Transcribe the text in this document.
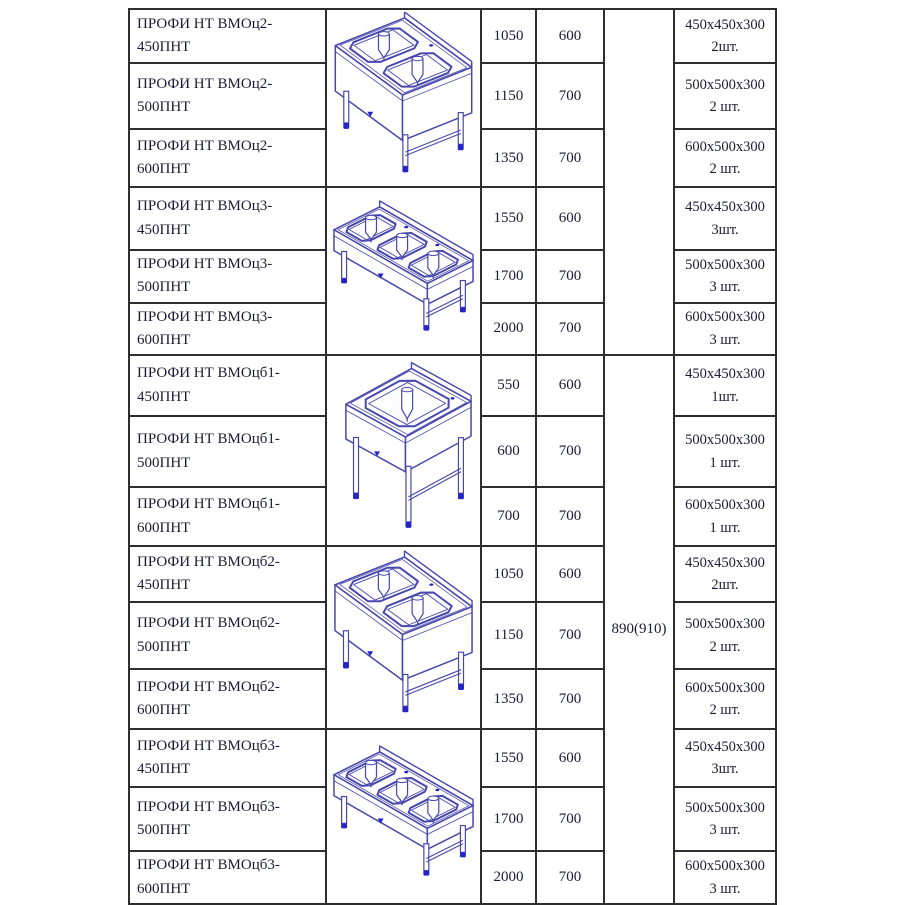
ПРОФИ НТ ВМОц2-
450ПНТ

	1050	600		
450x450x300
2шт.

ПРОФИ НТ ВМОц2-
500ПНТ
	1150	700	
500x500x300
2 шт.

ПРОФИ НТ ВМОц2-
600ПНТ
	1350	700	
600x500x300
2 шт.

ПРОФИ НТ ВМОц3-
450ПНТ

	1550	600	
450x450x300
3шт.

ПРОФИ НТ ВМОц3-
500ПНТ
	1700	700	
500x500x300
3 шт.

ПРОФИ НТ ВМОц3-
600ПНТ
	2000	700	
600x500x300
3 шт.

ПРОФИ НТ ВМОцб1-
450ПНТ

	550	600	890(910)	
450x450x300
1шт.

ПРОФИ НТ ВМОцб1-
500ПНТ
	600	700	
500x500x300
1 шт.

ПРОФИ НТ ВМОцб1-
600ПНТ
	700	700	
600x500x300
1 шт.

ПРОФИ НТ ВМОцб2-
450ПНТ

	1050	600	
450x450x300
2шт.

ПРОФИ НТ ВМОцб2-
500ПНТ
	1150	700	
500x500x300
2 шт.

ПРОФИ НТ ВМОцб2-
600ПНТ
	1350	700	
600x500x300
2 шт.

ПРОФИ НТ ВМОцб3-
450ПНТ

	1550	600	
450x450x300
3шт.

ПРОФИ НТ ВМОцб3-
500ПНТ
	1700	700	
500x500x300
3 шт.

ПРОФИ НТ ВМОцб3-
600ПНТ
	2000	700	
600x500x300
3 шт.
